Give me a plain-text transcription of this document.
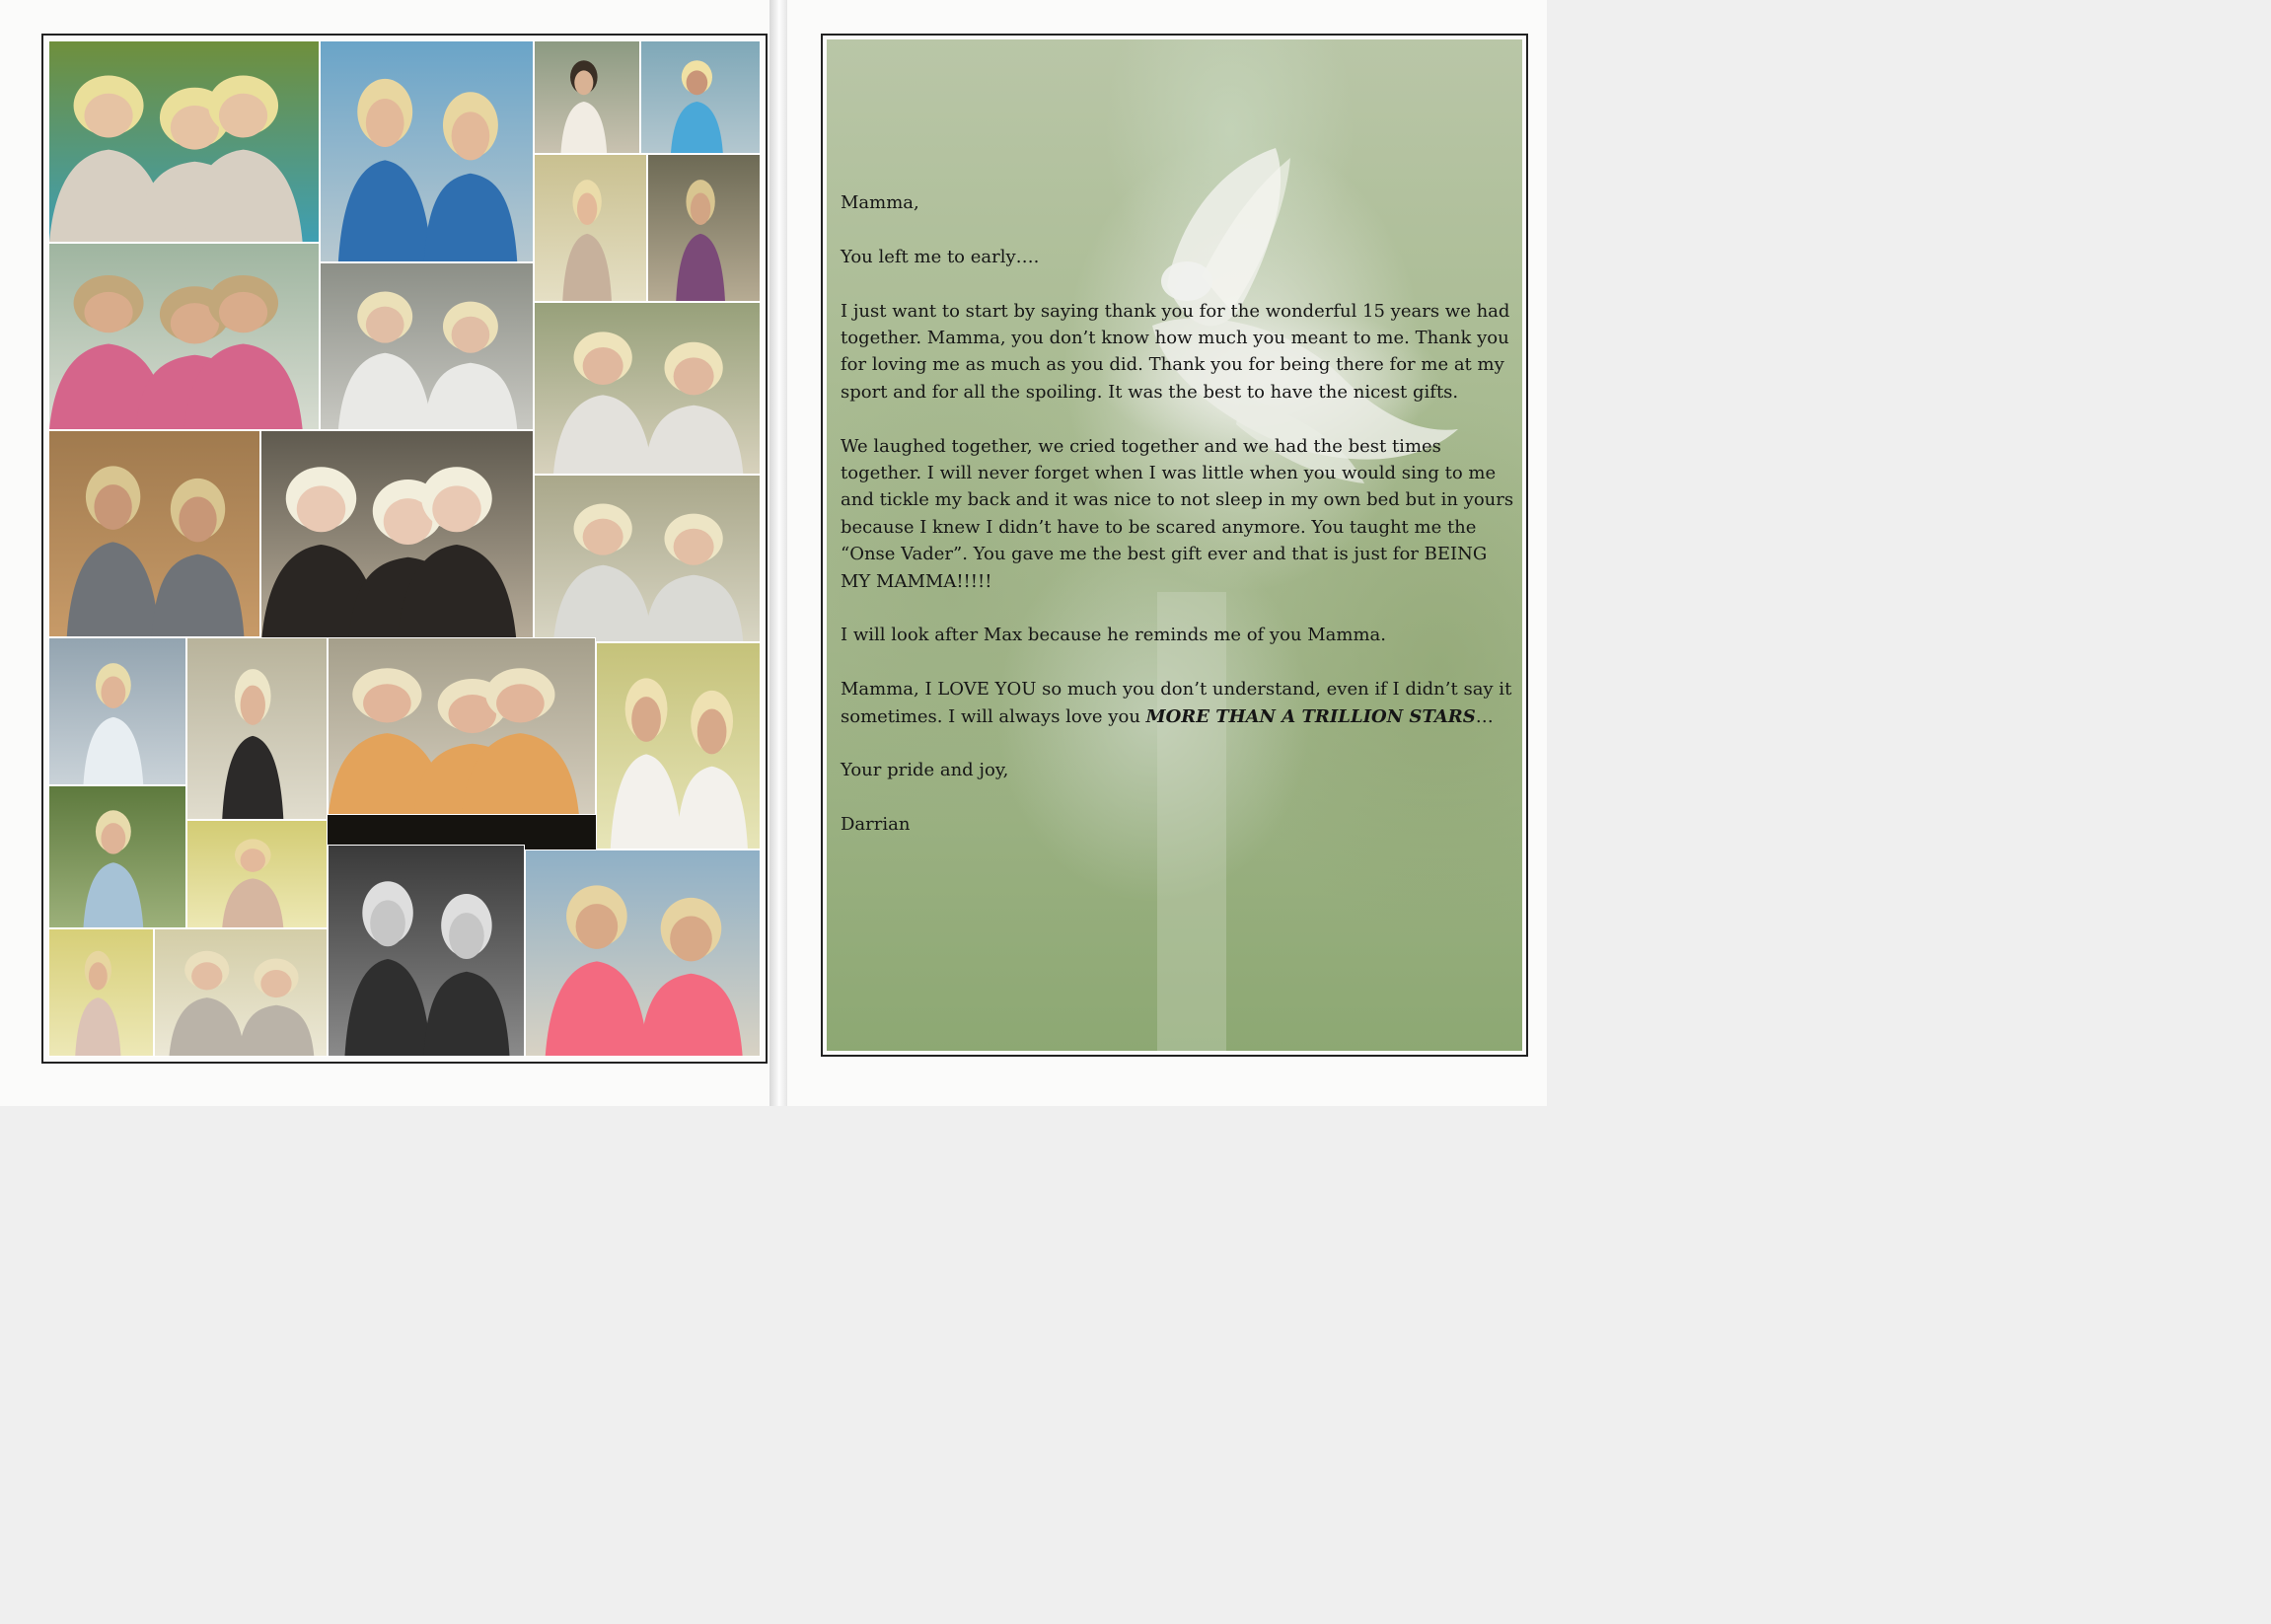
Mamma,

You left me to early….

I just want to start by saying thank you for the wonderful 15 years we had together. Mamma, you don’t know how much you meant to me. Thank you for loving me as much as you did. Thank you for being there for me at my sport and for all the spoiling. It was the best to have the nicest gifts.

We laughed together, we cried together and we had the best times together. I will never forget when I was little when you would sing to me and tickle my back and it was nice to not sleep in my own bed but in yours because I knew I didn’t have to be scared anymore. You taught me the “Onse Vader”. You gave me the best gift ever and that is just for BEING MY MAMMA!!!!!

I will look after Max because he reminds me of you Mamma.

Mamma, I LOVE YOU so much you don’t understand, even if I didn’t say it sometimes. I will always love you MORE THAN A TRILLION STARS…

Your pride and joy,

Darrian
